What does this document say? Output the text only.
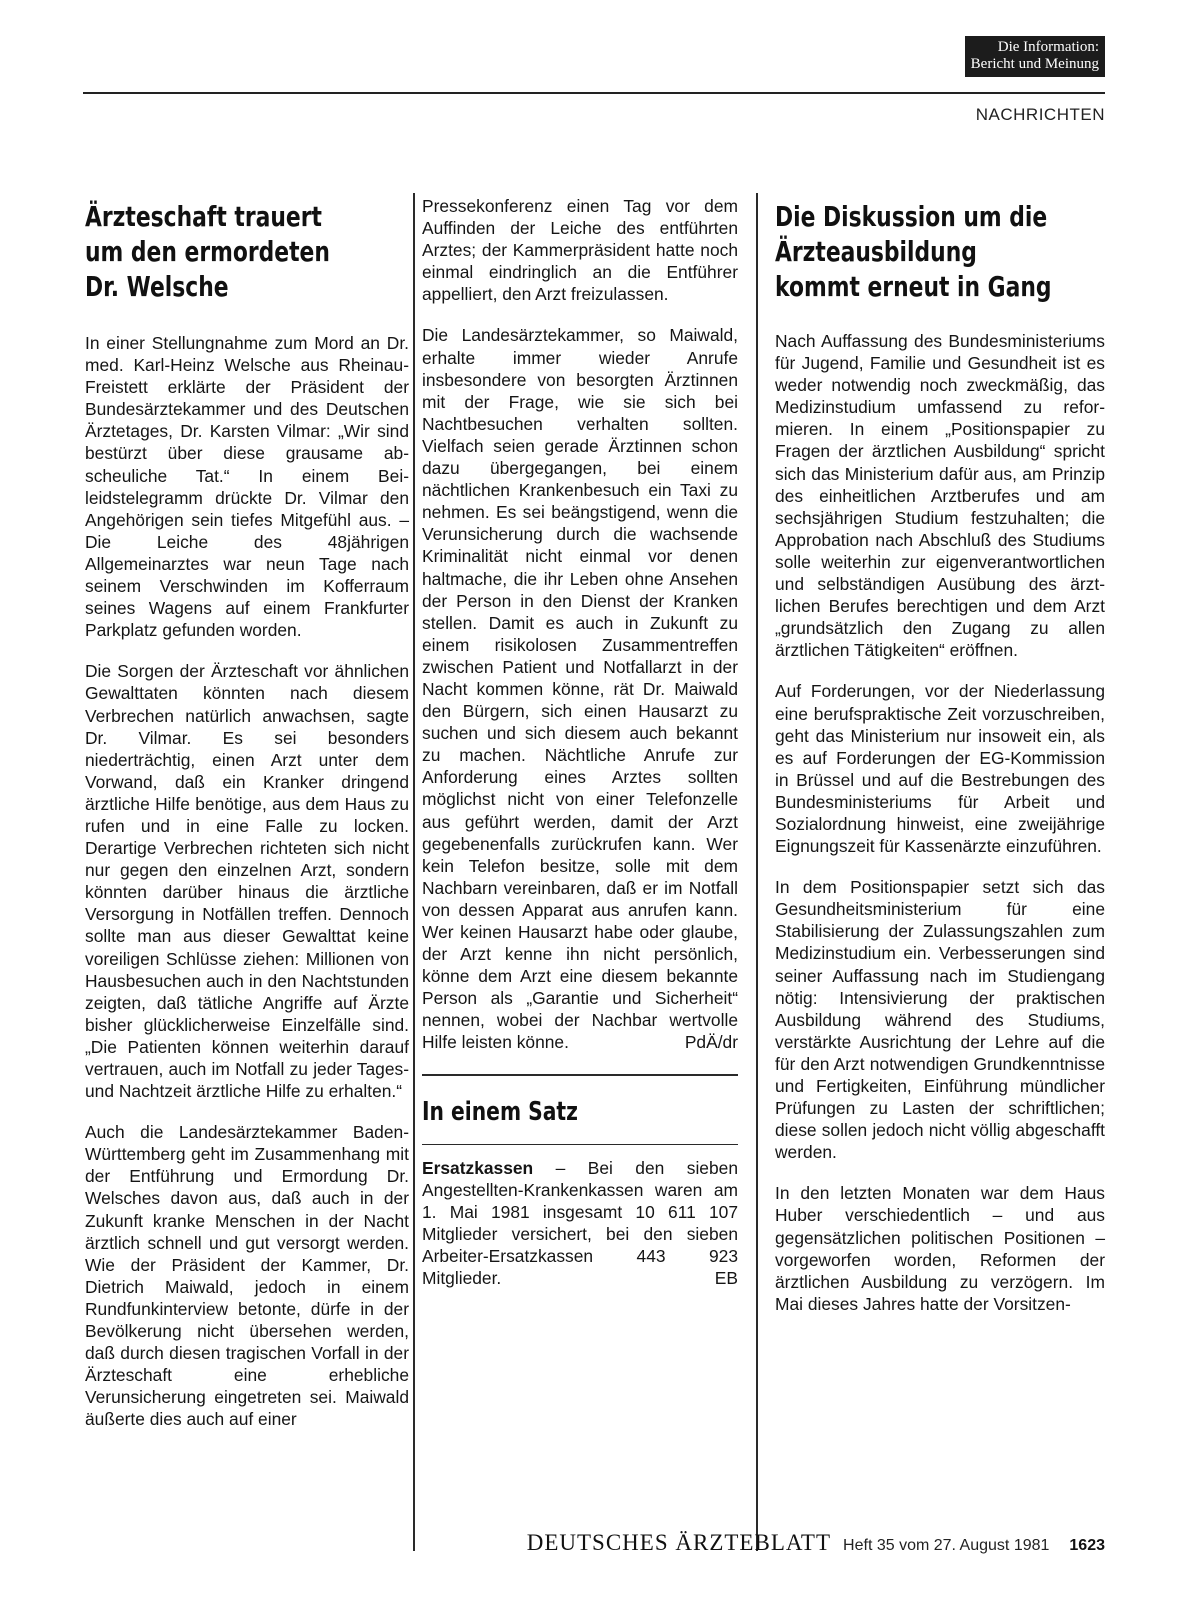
Die Information:
Bericht und Meinung
NACHRICHTEN
Ärzteschaft trauert
um den ermordeten
Dr. Welsche

In einer Stellungnahme zum Mord an Dr. med. Karl-Heinz Welsche aus Rheinau-Freistett erklärte der Präsident der Bundesärztekammer und des Deutschen Ärztetages, Dr. Karsten Vilmar: „Wir sind bestürzt über diese grausame abscheuliche Tat.“ In einem Beileidstelegramm drückte Dr. Vilmar den Angehörigen sein tiefes Mitgefühl aus. – Die Leiche des 48jährigen Allgemeinarztes war neun Tage nach seinem Verschwinden im Kofferraum seines Wagens auf einem Frankfurter Parkplatz gefunden worden.

Die Sorgen der Ärzteschaft vor ähnlichen Gewalttaten könnten nach diesem Verbrechen natürlich anwachsen, sagte Dr. Vilmar. Es sei besonders niederträchtig, einen Arzt unter dem Vorwand, daß ein Kranker dringend ärztliche Hilfe benötige, aus dem Haus zu rufen und in eine Falle zu locken. Derartige Verbrechen richteten sich nicht nur gegen den einzelnen Arzt, sondern könnten darüber hinaus die ärztliche Versorgung in Notfällen treffen. Dennoch sollte man aus dieser Gewalttat keine voreiligen Schlüsse ziehen: Millionen von Hausbesuchen auch in den Nachtstunden zeigten, daß tätliche Angriffe auf Ärzte bisher glücklicherweise Einzelfälle sind. „Die Patienten können weiterhin darauf vertrauen, auch im Notfall zu jeder Tages- und Nachtzeit ärztliche Hilfe zu erhalten.“

Auch die Landesärztekammer Baden-Württemberg geht im Zusammenhang mit der Entführung und Ermordung Dr. Welsches davon aus, daß auch in der Zukunft kranke Menschen in der Nacht ärztlich schnell und gut versorgt werden. Wie der Präsident der Kammer, Dr. Dietrich Maiwald, jedoch in einem Rundfunkinterview betonte, dürfe in der Bevölkerung nicht übersehen werden, daß durch diesen tragischen Vorfall in der Ärzteschaft eine erhebliche Verunsicherung eingetreten sei. Maiwald äußerte dies auch auf einer

Pressekonferenz einen Tag vor dem Auffinden der Leiche des entführten Arztes; der Kammerpräsident hatte noch einmal eindringlich an die Entführer appelliert, den Arzt freizulassen.

Die Landesärztekammer, so Maiwald, erhalte immer wieder Anrufe insbesondere von besorgten Ärztinnen mit der Frage, wie sie sich bei Nachtbesuchen verhalten sollten. Vielfach seien gerade Ärztinnen schon dazu übergegangen, bei einem nächtlichen Krankenbesuch ein Taxi zu nehmen. Es sei beängstigend, wenn die Verunsicherung durch die wachsende Kriminalität nicht einmal vor denen haltmache, die ihr Leben ohne Ansehen der Person in den Dienst der Kranken stellen. Damit es auch in Zukunft zu einem risikolosen Zusammentreffen zwischen Patient und Notfallarzt in der Nacht kommen könne, rät Dr. Maiwald den Bürgern, sich einen Hausarzt zu suchen und sich diesem auch bekannt zu machen. Nächtliche Anrufe zur Anforderung eines Arztes sollten möglichst nicht von einer Telefonzelle aus geführt werden, damit der Arzt gegebenenfalls zurückrufen kann. Wer kein Telefon besitze, solle mit dem Nachbarn vereinbaren, daß er im Notfall von dessen Apparat aus anrufen kann. Wer keinen Hausarzt habe oder glaube, der Arzt kenne ihn nicht persönlich, könne dem Arzt eine diesem bekannte Person als „Garantie und Sicherheit“ nennen, wobei der Nachbar wertvolle Hilfe leisten könne.	PdÄ/dr

In einem Satz

Ersatzkassen – Bei den sieben Angestellten-Krankenkassen waren am 1. Mai 1981 insgesamt 10 611 107 Mitglieder versichert, bei den sieben Arbeiter-Ersatzkassen 443 923 Mitglieder.	EB

Die Diskussion um die
Ärzteausbildung
kommt erneut in Gang

Nach Auffassung des Bundesministeriums für Jugend, Familie und Gesundheit ist es weder notwendig noch zweckmäßig, das Medizinstudium umfassend zu reformieren. In einem „Positionspapier zu Fragen der ärztlichen Ausbildung“ spricht sich das Ministerium dafür aus, am Prinzip des einheitlichen Arztberufes und am sechsjährigen Studium festzuhalten; die Approbation nach Abschluß des Studiums solle weiterhin zur eigenverantwortlichen und selbständigen Ausübung des ärztlichen Berufes berechtigen und dem Arzt „grundsätzlich den Zugang zu allen ärztlichen Tätigkeiten“ eröffnen.

Auf Forderungen, vor der Niederlassung eine berufspraktische Zeit vorzuschreiben, geht das Ministerium nur insoweit ein, als es auf Forderungen der EG-Kommission in Brüssel und auf die Bestrebungen des Bundesministeriums für Arbeit und Sozialordnung hinweist, eine zweijährige Eignungszeit für Kassenärzte einzuführen.

In dem Positionspapier setzt sich das Gesundheitsministerium für eine Stabilisierung der Zulassungszahlen zum Medizinstudium ein. Verbesserungen sind seiner Auffassung nach im Studiengang nötig: Intensivierung der praktischen Ausbildung während des Studiums, verstärkte Ausrichtung der Lehre auf die für den Arzt notwendigen Grundkenntnisse und Fertigkeiten, Einführung mündlicher Prüfungen zu Lasten der schriftlichen; diese sollen jedoch nicht völlig abgeschafft werden.

In den letzten Monaten war dem Haus Huber verschiedentlich – und aus gegensätzlichen politischen Positionen – vorgeworfen worden, Reformen der ärztlichen Ausbildung zu verzögern. Im Mai dieses Jahres hatte der Vorsitzen-

DEUTSCHES ÄRZTEBLATT Heft 35 vom 27. August 1981 1623
